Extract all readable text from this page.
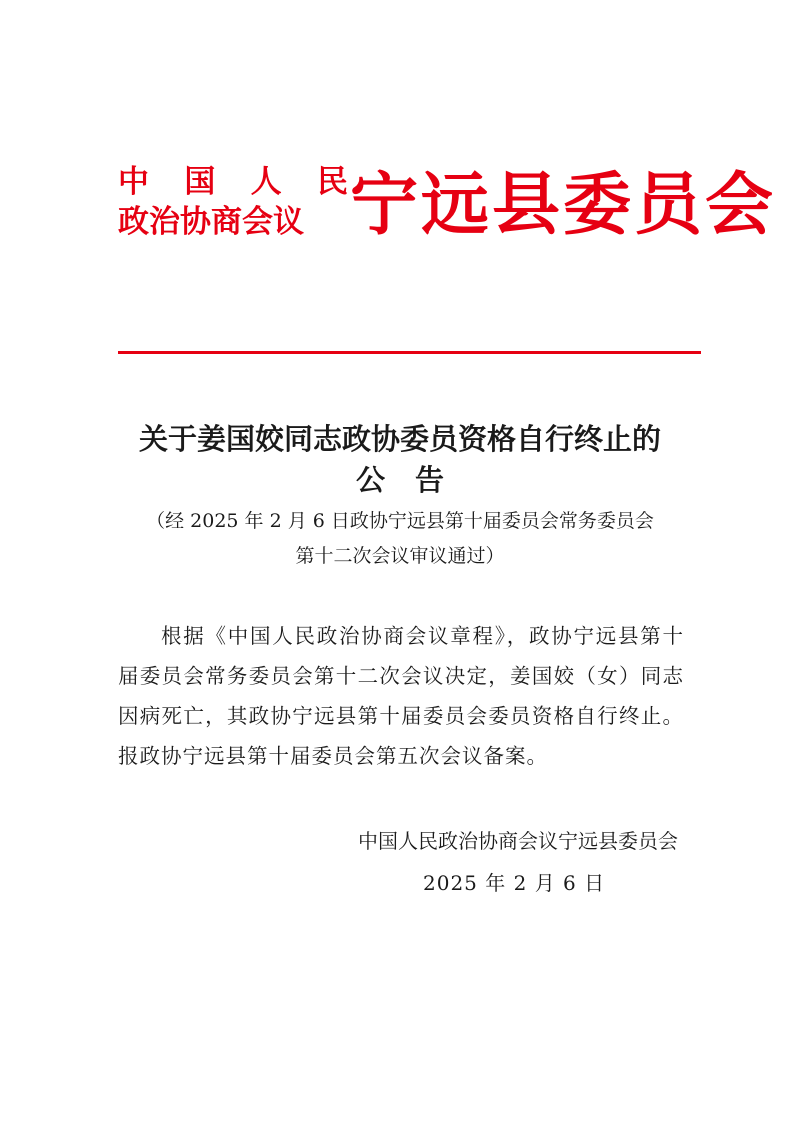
中 国 人 民
政治协商会议 宁远县委员会
关于姜国姣同志政协委员资格自行终止的
公告
（经 2025 年 2 月 6 日政协宁远县第十届委员会常务委员会
第十二次会议审议通过）

根据《中国人民政治协商会议章程》，政协宁远县第十届委员会常务委员会第十二次会议决定，姜国姣（女）同志因病死亡，其政协宁远县第十届委员会委员资格自行终止。报政协宁远县第十届委员会第五次会议备案。

中国人民政治协商会议宁远县委员会
2025 年 2 月 6 日
